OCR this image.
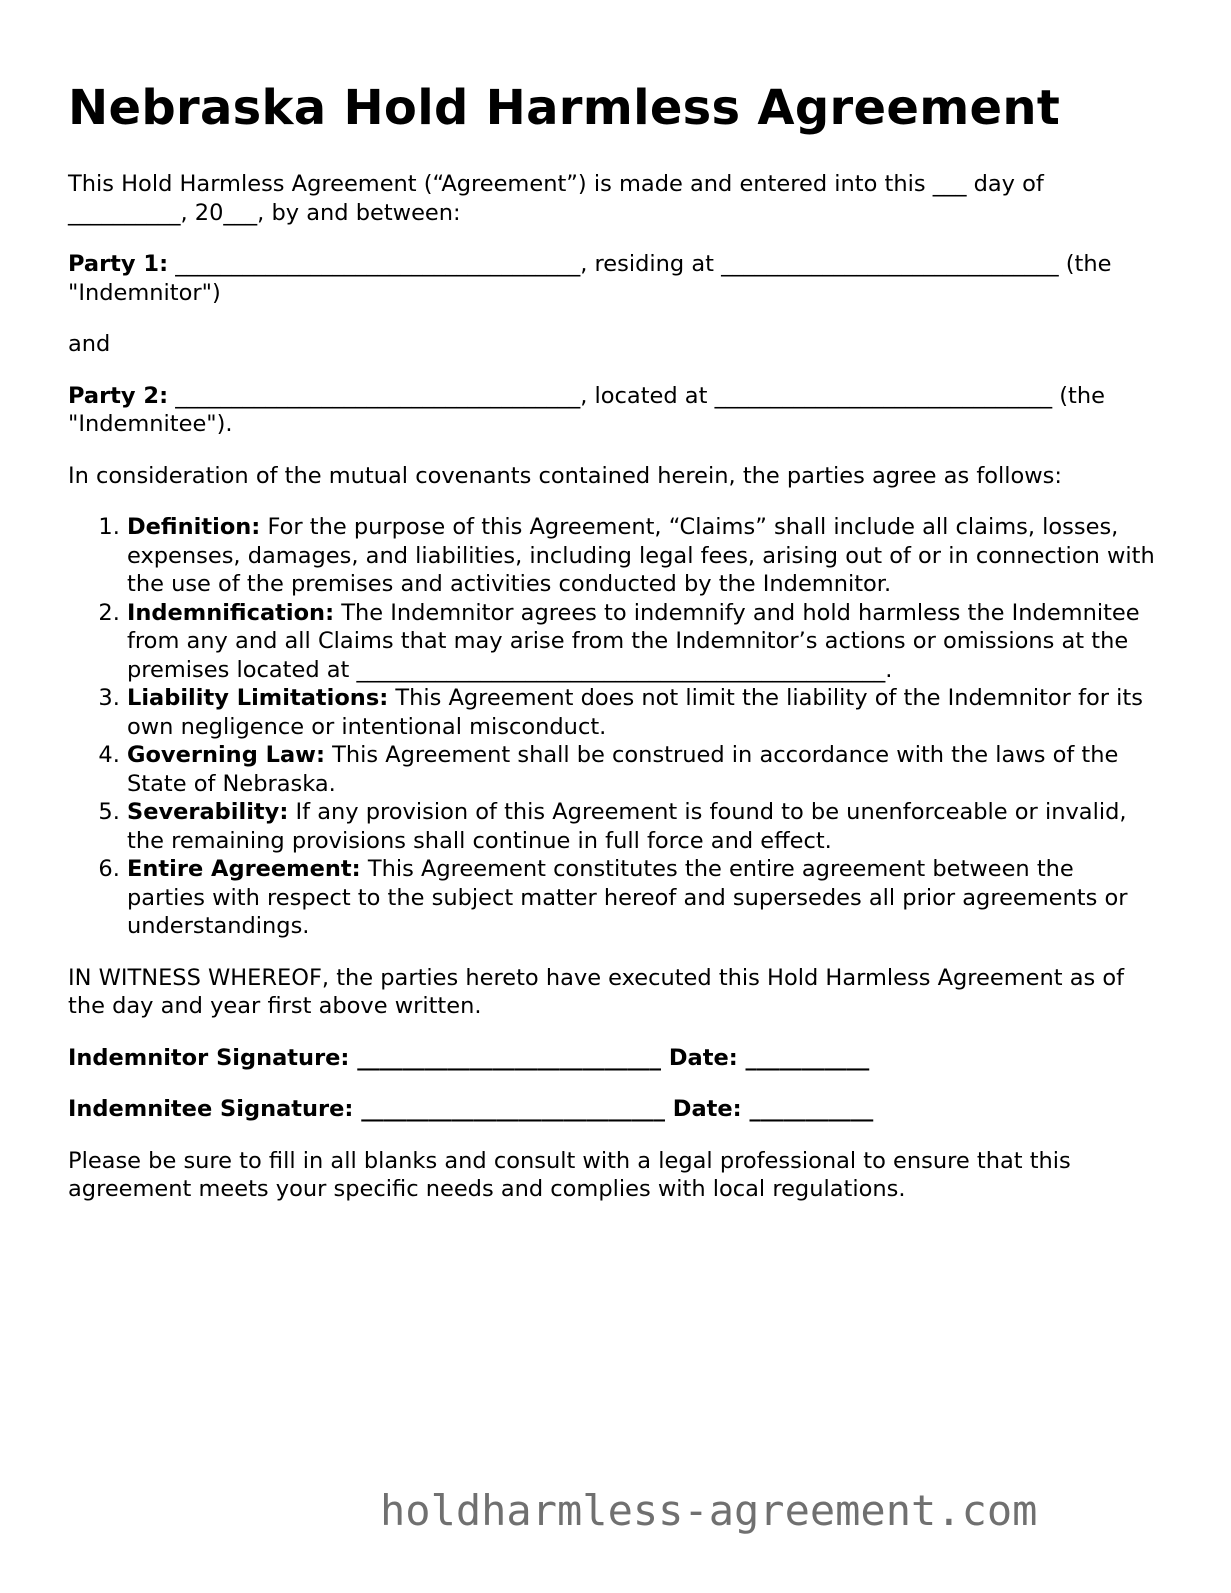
Nebraska Hold Harmless Agreement

This Hold Harmless Agreement (“Agreement”) is made and entered into this ___ day of __________, 20___, by and between:

Party 1: ____________________________________, residing at ______________________________ (the "Indemnitor")

and

Party 2: ____________________________________, located at ______________________________ (the "Indemnitee").

In consideration of the mutual covenants contained herein, the parties agree as follows:

1. Definition: For the purpose of this Agreement, “Claims” shall include all claims, losses, expenses, damages, and liabilities, including legal fees, arising out of or in connection with the use of the premises and activities conducted by the Indemnitor.
2. Indemnification: The Indemnitor agrees to indemnify and hold harmless the Indemnitee from any and all Claims that may arise from the Indemnitor’s actions or omissions at the premises located at _______________________________________________.
3. Liability Limitations: This Agreement does not limit the liability of the Indemnitor for its own negligence or intentional misconduct.
4. Governing Law: This Agreement shall be construed in accordance with the laws of the State of Nebraska.
5. Severability: If any provision of this Agreement is found to be unenforceable or invalid, the remaining provisions shall continue in full force and effect.
6. Entire Agreement: This Agreement constitutes the entire agreement between the parties with respect to the subject matter hereof and supersedes all prior agreements or understandings.

IN WITNESS WHEREOF, the parties hereto have executed this Hold Harmless Agreement as of the day and year first above written.

Indemnitor Signature: ___________________________ Date: ___________

Indemnitee Signature: ___________________________ Date: ___________

Please be sure to fill in all blanks and consult with a legal professional to ensure that this agreement meets your specific needs and complies with local regulations.

holdharmless-agreement.com
